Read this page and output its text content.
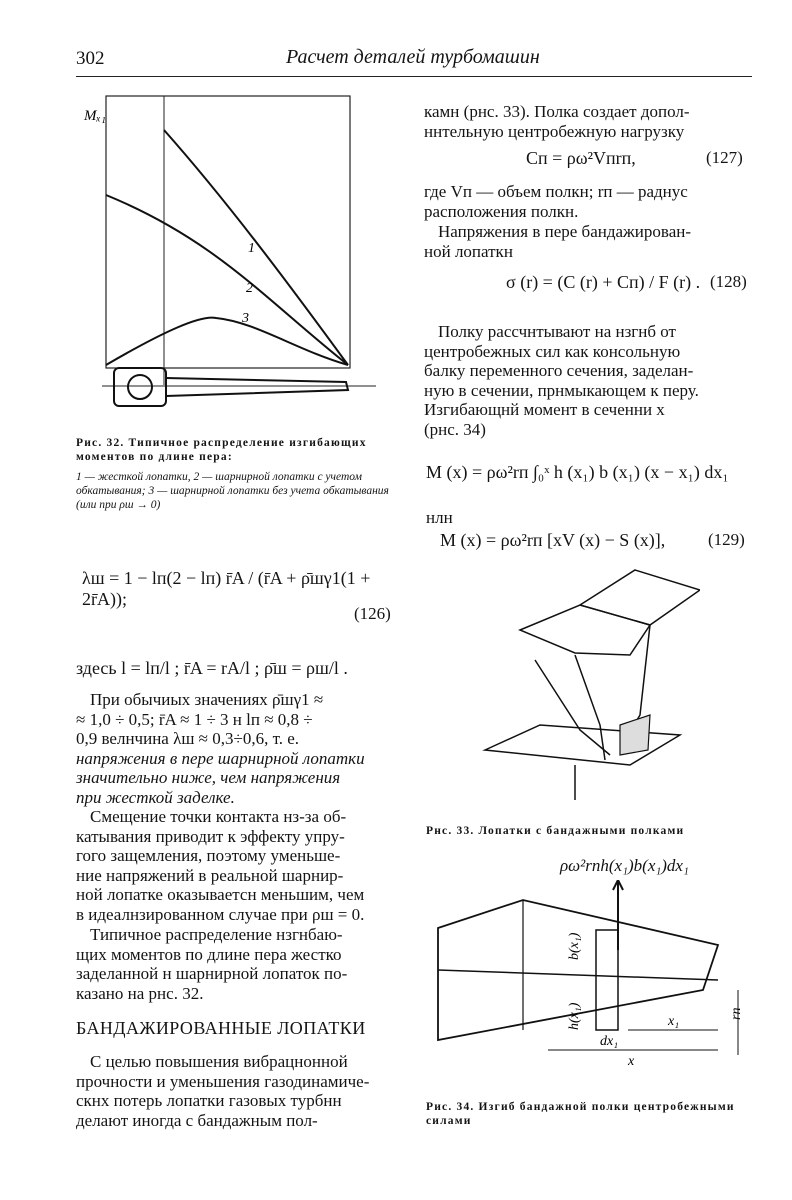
302	Расчет деталей турбомашин
Mₓ₁
1
2
3
Рис. 32. Типичное распределение изгибающих моментов по длине пера:
1 — жесткой лопатки, 2 — шарнирной лопатки с учетом обкатывания; 3 — шарнирной лопатки без учета обкатывания (или при ρш → 0)
λш = 1 − lп(2 − lп) r̄A / (r̄A + ρ̄шγ1(1 + 2r̄A));
(126)
здесь l = lп/l ; r̄A = rA/l ; ρ̄ш = ρш/l .
При обычиых значениях ρ̄шγ1 ≈
≈ 1,0 ÷ 0,5; r̄A ≈ 1 ÷ 3 н lп ≈ 0,8 ÷
0,9 велнчина λш ≈ 0,3÷0,6, т. е.
напряжения в пере шарнирной лопатки
значительно ниже, чем напряжения
при жесткой заделке.
Смещение точки контакта нз-за об-
катывания приводит к эффекту упру-
гого защемления, поэтому уменьше-
ние напряжений в реальной шарнир-
ной лопатке оказываетсн меньшим, чем
в идеалнзированном случае при ρш = 0.
Типичное распределение нзгнбаю-
щих моментов по длине пера жестко
заделанной н шарнирной лопаток по-
казано на рнс. 32.
БАНДАЖИРОВАННЫЕ ЛОПАТКИ
С целью повышения вибрацнонной
прочности и уменьшения газодинамиче-
скнх потерь лопатки газовых турбнн
делают иногда с бандажным пол-
камн (рнс. 33). Полка создает допол-
ннтельную центробежную нагрузку
Cп = ρω²Vпrп,	(127)
где Vп — объем полкн; rп — раднус
расположения полкн.
Напряжения в пере бандажирован-
ной лопаткн
σ (r) = (C (r) + Cп) / F (r) . (128)
Полку рассчнтывают на нзгнб от
центробежных сил как консольную
балку переменного сечения, заделан-
ную в сечении, прнмыкающем к перу.
Изгибающнй момент в сеченни x
(рнс. 34)
M (x) = ρω²rп ∫₀ˣ h (x₁) b (x₁) (x − x₁) dx₁
нлн
M (x) = ρω²rп [xV (x) − S (x)],	(129)
Рнс. 33. Лопатки с бандажными полками
ρω²rпh(x₁)b(x₁)dx₁
b(x₁)
h(x₁)
dx₁
x₁
x
rп
Рис. 34. Изгиб бандажной полки центробежными силами
